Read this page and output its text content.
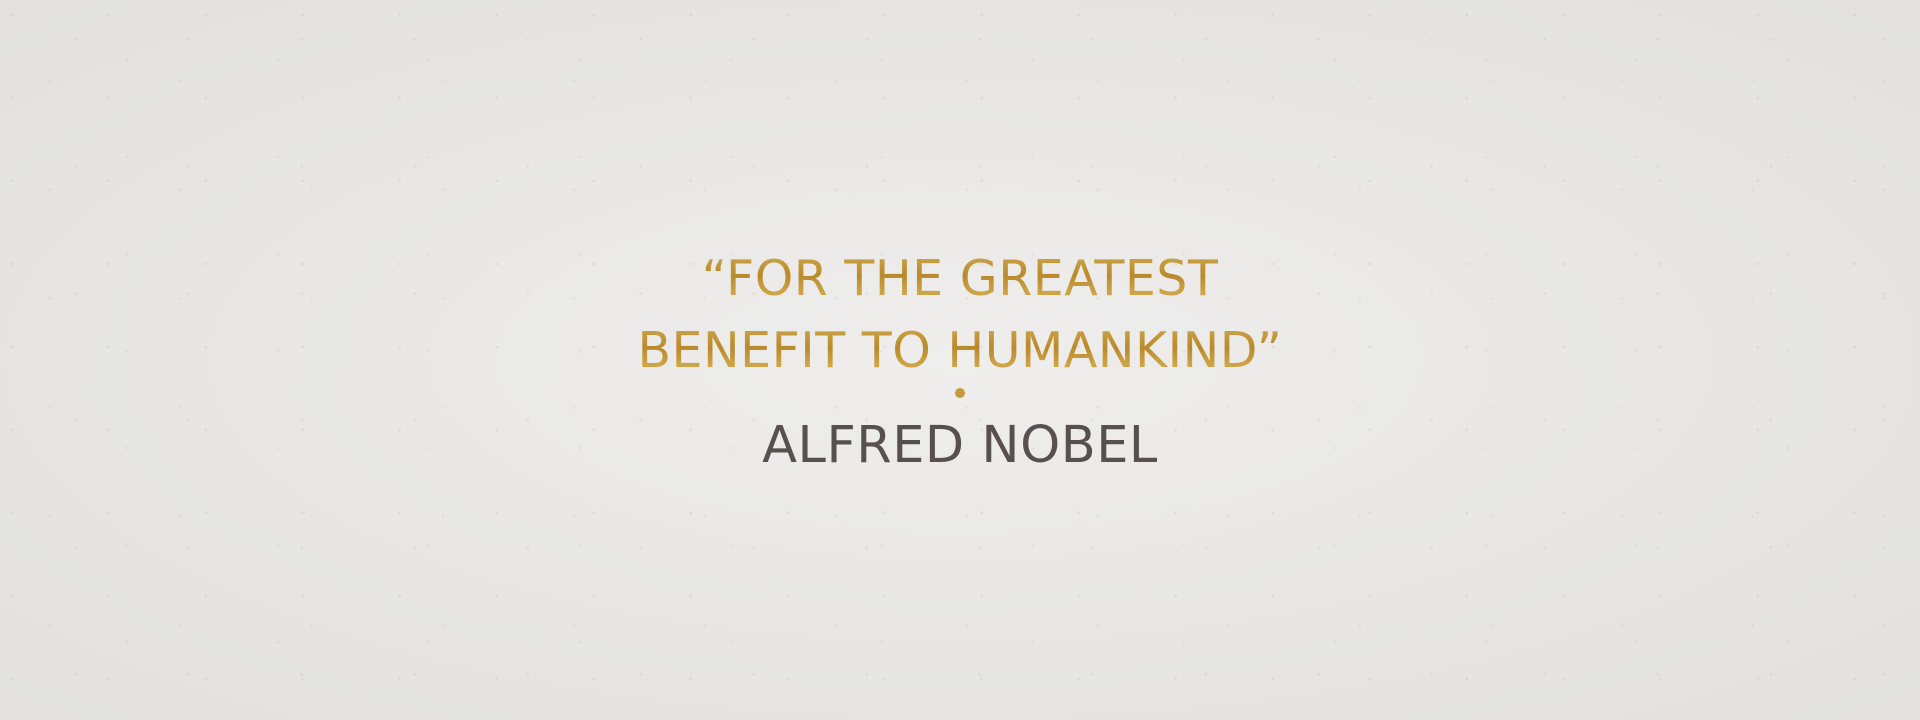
“FOR THE GREATEST
BENEFIT TO HUMANKIND”
ALFRED NOBEL
